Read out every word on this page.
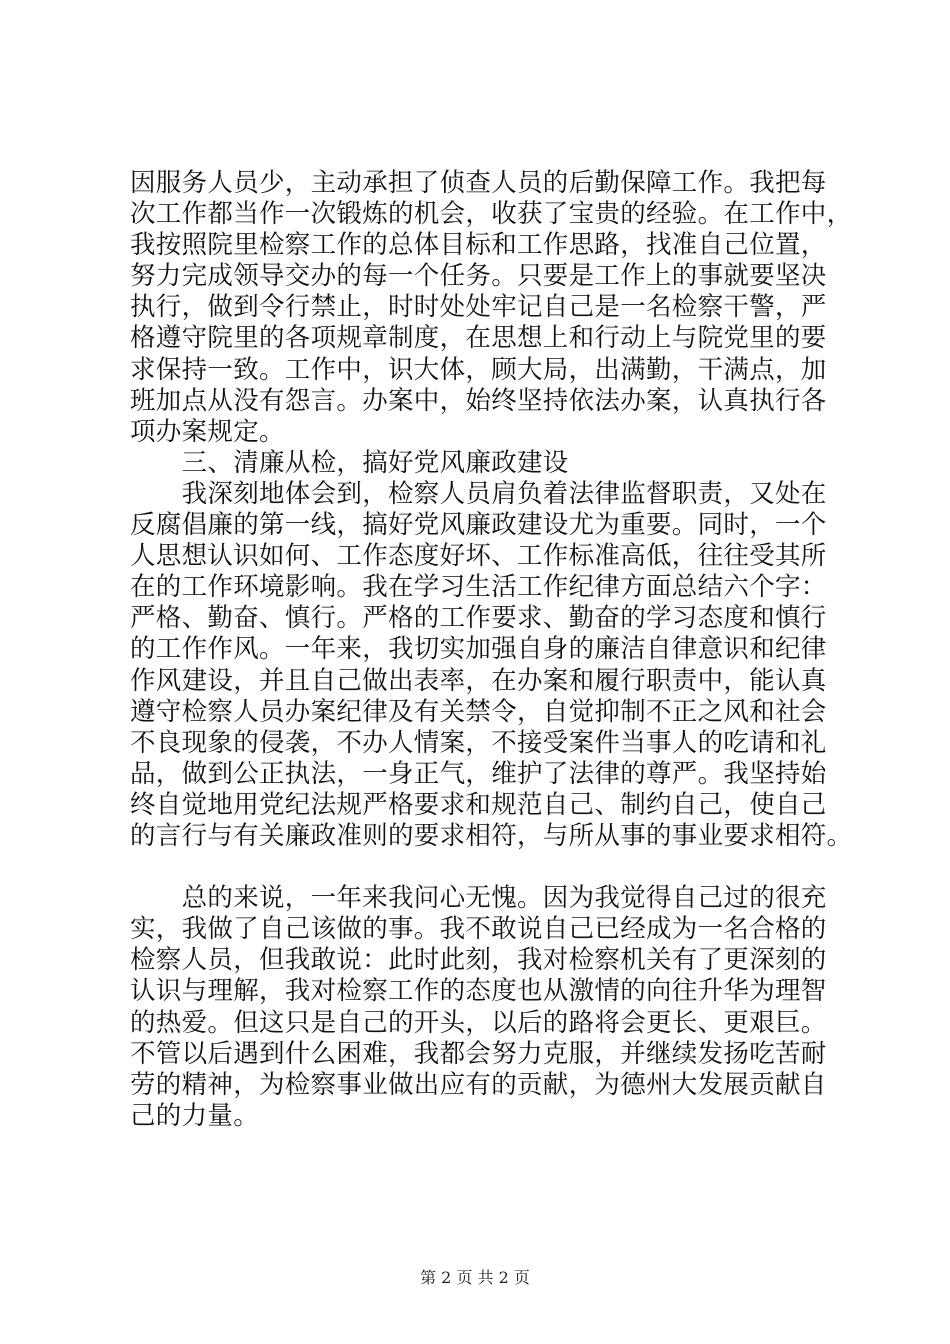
因服务人员少，主动承担了侦查人员的后勤保障工作。我把每
次工作都当作一次锻炼的机会，收获了宝贵的经验。在工作中，
我按照院里检察工作的总体目标和工作思路，找准自己位置，
努力完成领导交办的每一个任务。只要是工作上的事就要坚决
执行，做到令行禁止，时时处处牢记自己是一名检察干警，严
格遵守院里的各项规章制度，在思想上和行动上与院党里的要
求保持一致。工作中，识大体，顾大局，出满勤，干满点，加
班加点从没有怨言。办案中，始终坚持依法办案，认真执行各
项办案规定。
　　三、清廉从检，搞好党风廉政建设
　　我深刻地体会到，检察人员肩负着法律监督职责，又处在
反腐倡廉的第一线，搞好党风廉政建设尤为重要。同时，一个
人思想认识如何、工作态度好坏、工作标准高低，往往受其所
在的工作环境影响。我在学习生活工作纪律方面总结六个字：
严格、勤奋、慎行。严格的工作要求、勤奋的学习态度和慎行
的工作作风。一年来，我切实加强自身的廉洁自律意识和纪律
作风建设，并且自己做出表率，在办案和履行职责中，能认真
遵守检察人员办案纪律及有关禁令，自觉抑制不正之风和社会
不良现象的侵袭，不办人情案，不接受案件当事人的吃请和礼
品，做到公正执法，一身正气，维护了法律的尊严。我坚持始
终自觉地用党纪法规严格要求和规范自己、制约自己，使自己
的言行与有关廉政准则的要求相符，与所从事的事业要求相符。
　　总的来说，一年来我问心无愧。因为我觉得自己过的很充
实，我做了自己该做的事。我不敢说自己已经成为一名合格的
检察人员，但我敢说：此时此刻，我对检察机关有了更深刻的
认识与理解，我对检察工作的态度也从激情的向往升华为理智
的热爱。但这只是自己的开头，以后的路将会更长、更艰巨。
不管以后遇到什么困难，我都会努力克服，并继续发扬吃苦耐
劳的精神，为检察事业做出应有的贡献，为德州大发展贡献自
己的力量。
第 2 页 共 2 页
